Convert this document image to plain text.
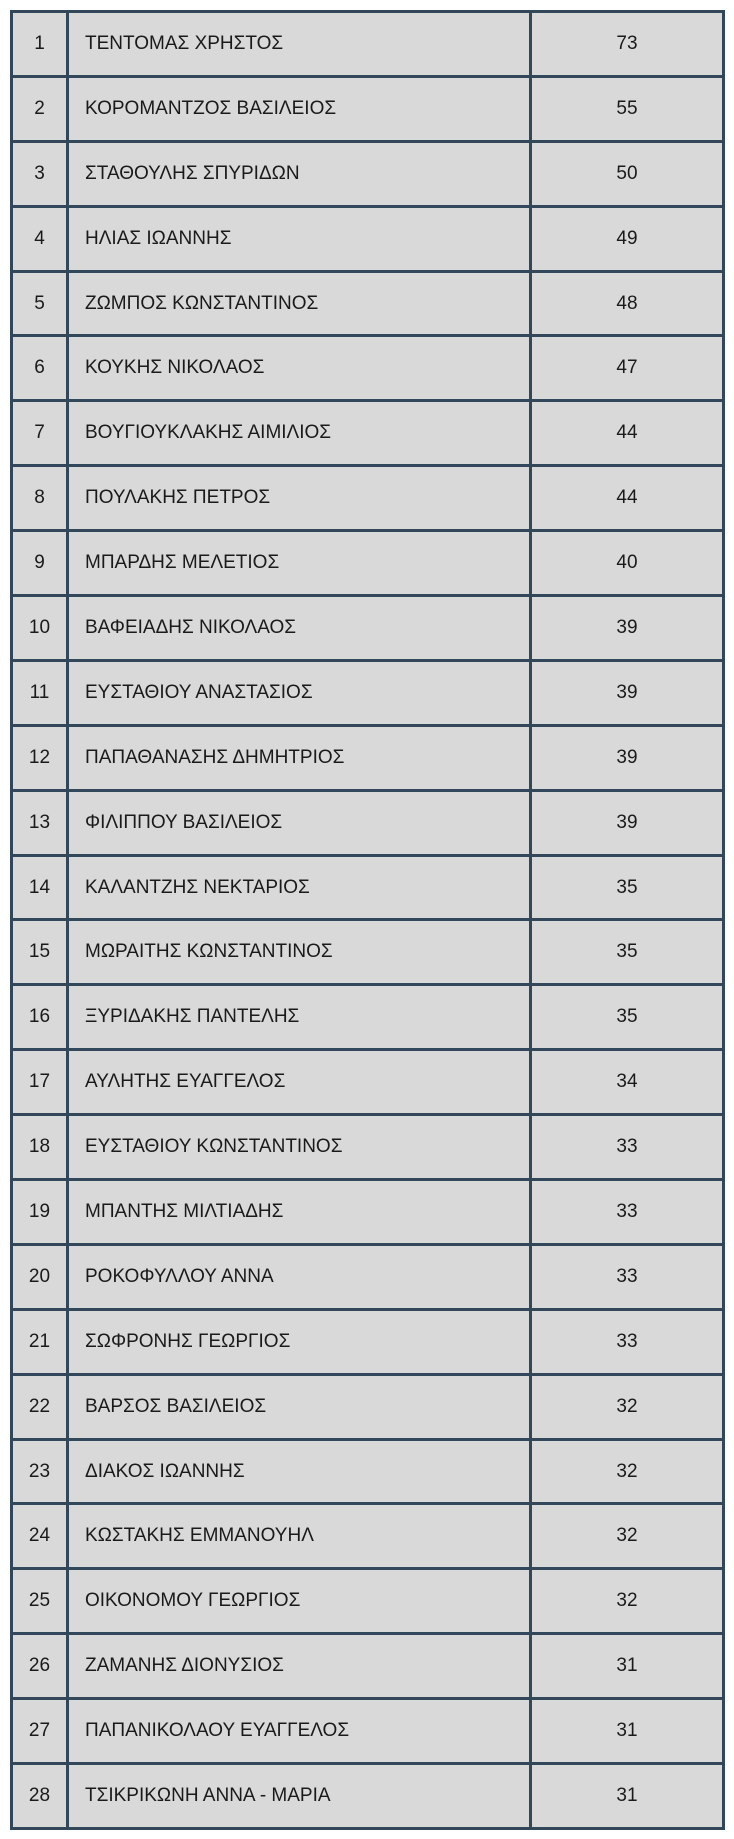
1	ΤΕΝΤΟΜΑΣ ΧΡΗΣΤΟΣ	73
2	ΚΟΡΟΜΑΝΤΖΟΣ ΒΑΣΙΛΕΙΟΣ	55
3	ΣΤΑΘΟΥΛΗΣ ΣΠΥΡΙΔΩΝ	50
4	ΗΛΙΑΣ ΙΩΑΝΝΗΣ	49
5	ΖΩΜΠΟΣ ΚΩΝΣΤΑΝΤΙΝΟΣ	48
6	ΚΟΥΚΗΣ ΝΙΚΟΛΑΟΣ	47
7	ΒΟΥΓΙΟΥΚΛΑΚΗΣ ΑΙΜΙΛΙΟΣ	44
8	ΠΟΥΛΑΚΗΣ ΠΕΤΡΟΣ	44
9	ΜΠΑΡΔΗΣ ΜΕΛΕΤΙΟΣ	40
10	ΒΑΦΕΙΑΔΗΣ ΝΙΚΟΛΑΟΣ	39
11	ΕΥΣΤΑΘΙΟΥ ΑΝΑΣΤΑΣΙΟΣ	39
12	ΠΑΠΑΘΑΝΑΣΗΣ ΔΗΜΗΤΡΙΟΣ	39
13	ΦΙΛΙΠΠΟΥ ΒΑΣΙΛΕΙΟΣ	39
14	ΚΑΛΑΝΤΖΗΣ ΝΕΚΤΑΡΙΟΣ	35
15	ΜΩΡΑΙΤΗΣ ΚΩΝΣΤΑΝΤΙΝΟΣ	35
16	ΞΥΡΙΔΑΚΗΣ ΠΑΝΤΕΛΗΣ	35
17	ΑΥΛΗΤΗΣ ΕΥΑΓΓΕΛΟΣ	34
18	ΕΥΣΤΑΘΙΟΥ ΚΩΝΣΤΑΝΤΙΝΟΣ	33
19	ΜΠΑΝΤΗΣ ΜΙΛΤΙΑΔΗΣ	33
20	ΡΟΚΟΦΥΛΛΟΥ ΑΝΝΑ	33
21	ΣΩΦΡΟΝΗΣ ΓΕΩΡΓΙΟΣ	33
22	ΒΑΡΣΟΣ ΒΑΣΙΛΕΙΟΣ	32
23	ΔΙΑΚΟΣ ΙΩΑΝΝΗΣ	32
24	ΚΩΣΤΑΚΗΣ ΕΜΜΑΝΟΥΗΛ	32
25	ΟΙΚΟΝΟΜΟΥ ΓΕΩΡΓΙΟΣ	32
26	ΖΑΜΑΝΗΣ ΔΙΟΝΥΣΙΟΣ	31
27	ΠΑΠΑΝΙΚΟΛΑΟΥ ΕΥΑΓΓΕΛΟΣ	31
28	ΤΣΙΚΡΙΚΩΝΗ ΑΝΝΑ - ΜΑΡΙΑ	31
